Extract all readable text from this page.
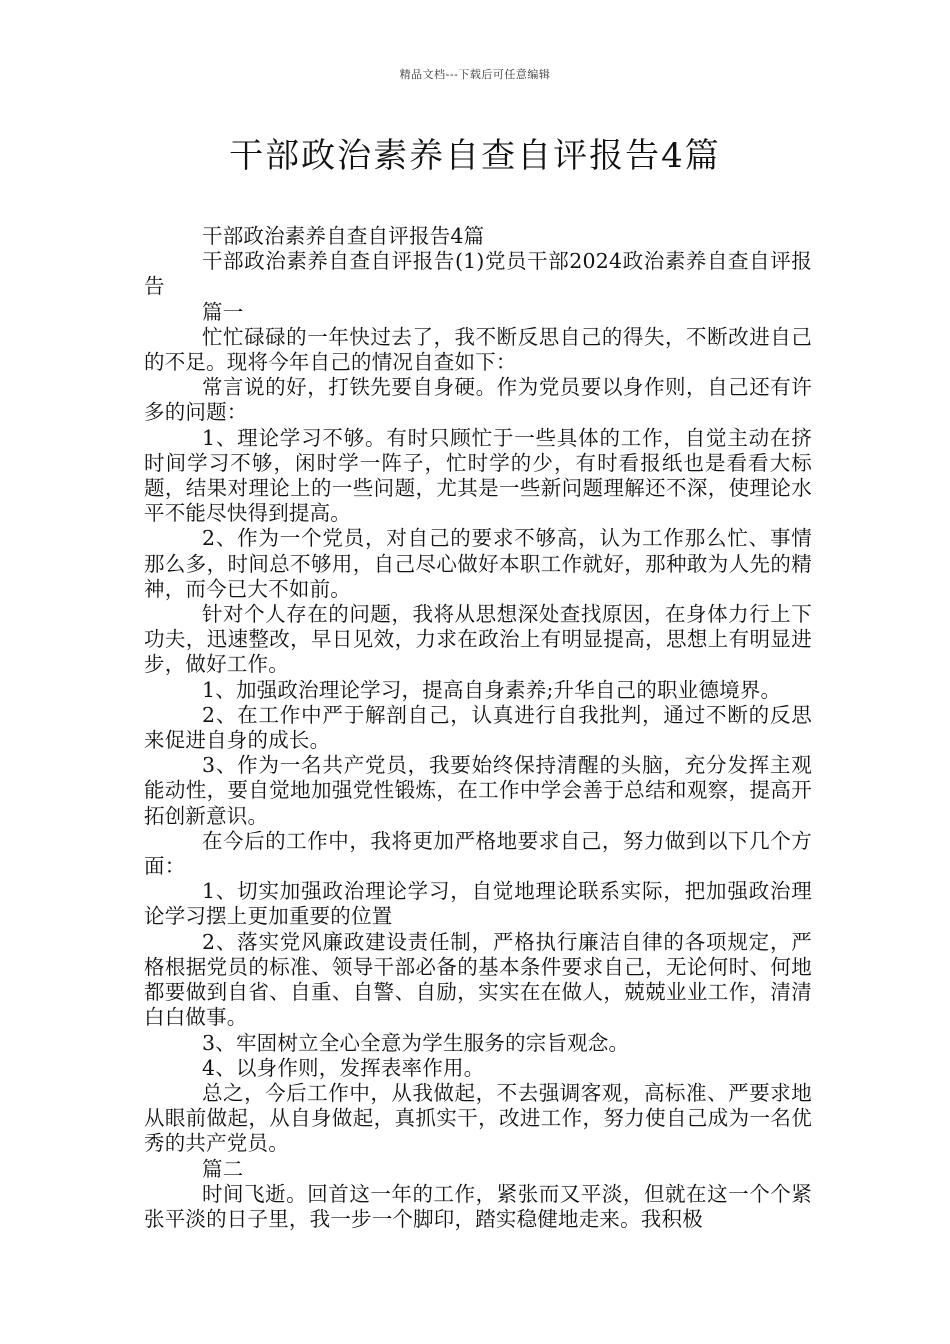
精品文档---下载后可任意编辑
干部政治素养自查自评报告4篇

干部政治素养自查自评报告4篇

干部政治素养自查自评报告(1)党员干部2024政治素养自查自评报告

篇一

忙忙碌碌的一年快过去了，我不断反思自己的得失，不断改进自己的不足。现将今年自己的情况自查如下：

常言说的好，打铁先要自身硬。作为党员要以身作则，自己还有许多的问题：

1、理论学习不够。有时只顾忙于一些具体的工作，自觉主动在挤时间学习不够，闲时学一阵子，忙时学的少，有时看报纸也是看看大标题，结果对理论上的一些问题，尤其是一些新问题理解还不深，使理论水平不能尽快得到提高。

2、作为一个党员，对自己的要求不够高，认为工作那么忙、事情那么多，时间总不够用，自己尽心做好本职工作就好，那种敢为人先的精神，而今已大不如前。

针对个人存在的问题，我将从思想深处查找原因，在身体力行上下功夫，迅速整改，早日见效，力求在政治上有明显提高，思想上有明显进步，做好工作。

1、加强政治理论学习，提高自身素养;升华自己的职业德境界。

2、在工作中严于解剖自己，认真进行自我批判，通过不断的反思来促进自身的成长。

3、作为一名共产党员，我要始终保持清醒的头脑，充分发挥主观能动性，要自觉地加强党性锻炼，在工作中学会善于总结和观察，提高开拓创新意识。

在今后的工作中，我将更加严格地要求自己，努力做到以下几个方面：

1、切实加强政治理论学习，自觉地理论联系实际，把加强政治理论学习摆上更加重要的位置

2、落实党风廉政建设责任制，严格执行廉洁自律的各项规定，严格根据党员的标准、领导干部必备的基本条件要求自己，无论何时、何地都要做到自省、自重、自警、自励，实实在在做人，兢兢业业工作，清清白白做事。

3、牢固树立全心全意为学生服务的宗旨观念。

4、以身作则，发挥表率作用。

总之，今后工作中，从我做起，不去强调客观，高标准、严要求地从眼前做起，从自身做起，真抓实干，改进工作，努力使自己成为一名优秀的共产党员。

篇二

时间飞逝。回首这一年的工作，紧张而又平淡，但就在这一个个紧张平淡的日子里，我一步一个脚印，踏实稳健地走来。我积极
